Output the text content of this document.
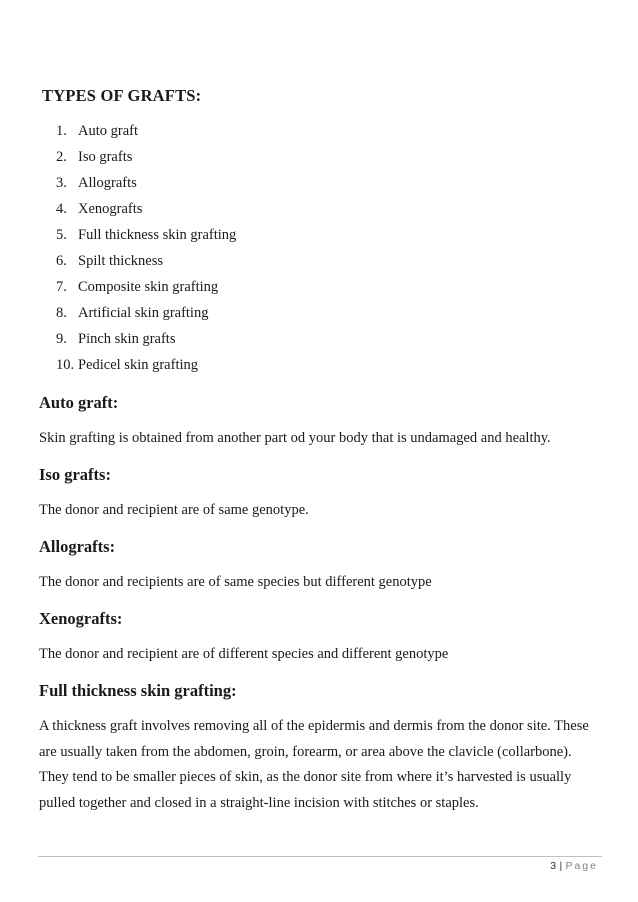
TYPES OF GRAFTS:
1. Auto graft
2. Iso grafts
3. Allografts
4. Xenografts
5. Full thickness skin grafting
6. Spilt thickness
7. Composite skin grafting
8. Artificial skin grafting
9. Pinch skin grafts
10. Pedicel skin grafting
Auto graft:

Skin grafting is obtained from another part od your body that is undamaged and healthy.

Iso grafts:

The donor and recipient are of same genotype.

Allografts:

The donor and recipients are of same species but different genotype

Xenografts:

The donor and recipient are of different species and different genotype

Full thickness skin grafting:

A thickness graft involves removing all of the epidermis and dermis from the donor site. These are usually taken from the abdomen, groin, forearm, or area above the clavicle (collarbone). They tend to be smaller pieces of skin, as the donor site from where it’s harvested is usually pulled together and closed in a straight-line incision with stitches or staples.

3 | Page
